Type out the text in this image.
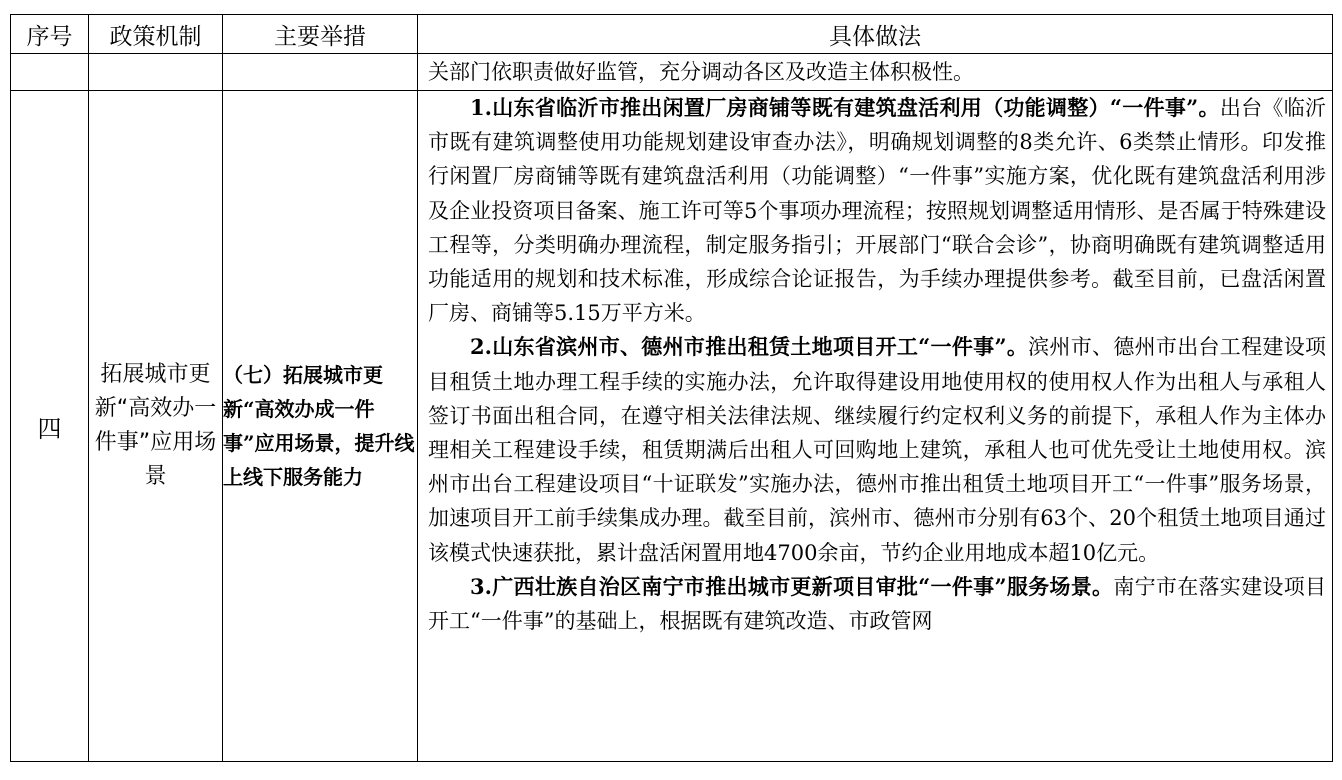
序号	政策机制	主要举措	具体做法

			关部门依职责做好监管，充分调动各区及改造主体积极性。

四	拓展城市更新“高效办一件事”应用场景	（七）拓展城市更新“高效办成一件事”应用场景，提升线上线下服务能力	1.山东省临沂市推出闲置厂房商铺等既有建筑盘活利用（功能调整）“一件事”。出台《临沂市既有建筑调整使用功能规划建设审查办法》，明确规划调整的8类允许、6类禁止情形。印发推行闲置厂房商铺等既有建筑盘活利用（功能调整）“一件事”实施方案，优化既有建筑盘活利用涉及企业投资项目备案、施工许可等5个事项办理流程；按照规划调整适用情形、是否属于特殊建设工程等，分类明确办理流程，制定服务指引；开展部门“联合会诊”，协商明确既有建筑调整适用功能适用的规划和技术标准，形成综合论证报告，为手续办理提供参考。截至目前，已盘活闲置厂房、商铺等5.15万平方米。

2.山东省滨州市、德州市推出租赁土地项目开工“一件事”。滨州市、德州市出台工程建设项目租赁土地办理工程手续的实施办法，允许取得建设用地使用权的使用权人作为出租人与承租人签订书面出租合同，在遵守相关法律法规、继续履行约定权利义务的前提下，承租人作为主体办理相关工程建设手续，租赁期满后出租人可回购地上建筑，承租人也可优先受让土地使用权。滨州市出台工程建设项目“十证联发”实施办法，德州市推出租赁土地项目开工“一件事”服务场景，加速项目开工前手续集成办理。截至目前，滨州市、德州市分别有63个、20个租赁土地项目通过该模式快速获批，累计盘活闲置用地4700余亩，节约企业用地成本超10亿元。

3.广西壮族自治区南宁市推出城市更新项目审批“一件事”服务场景。南宁市在落实建设项目开工“一件事”的基础上，根据既有建筑改造、市政管网
